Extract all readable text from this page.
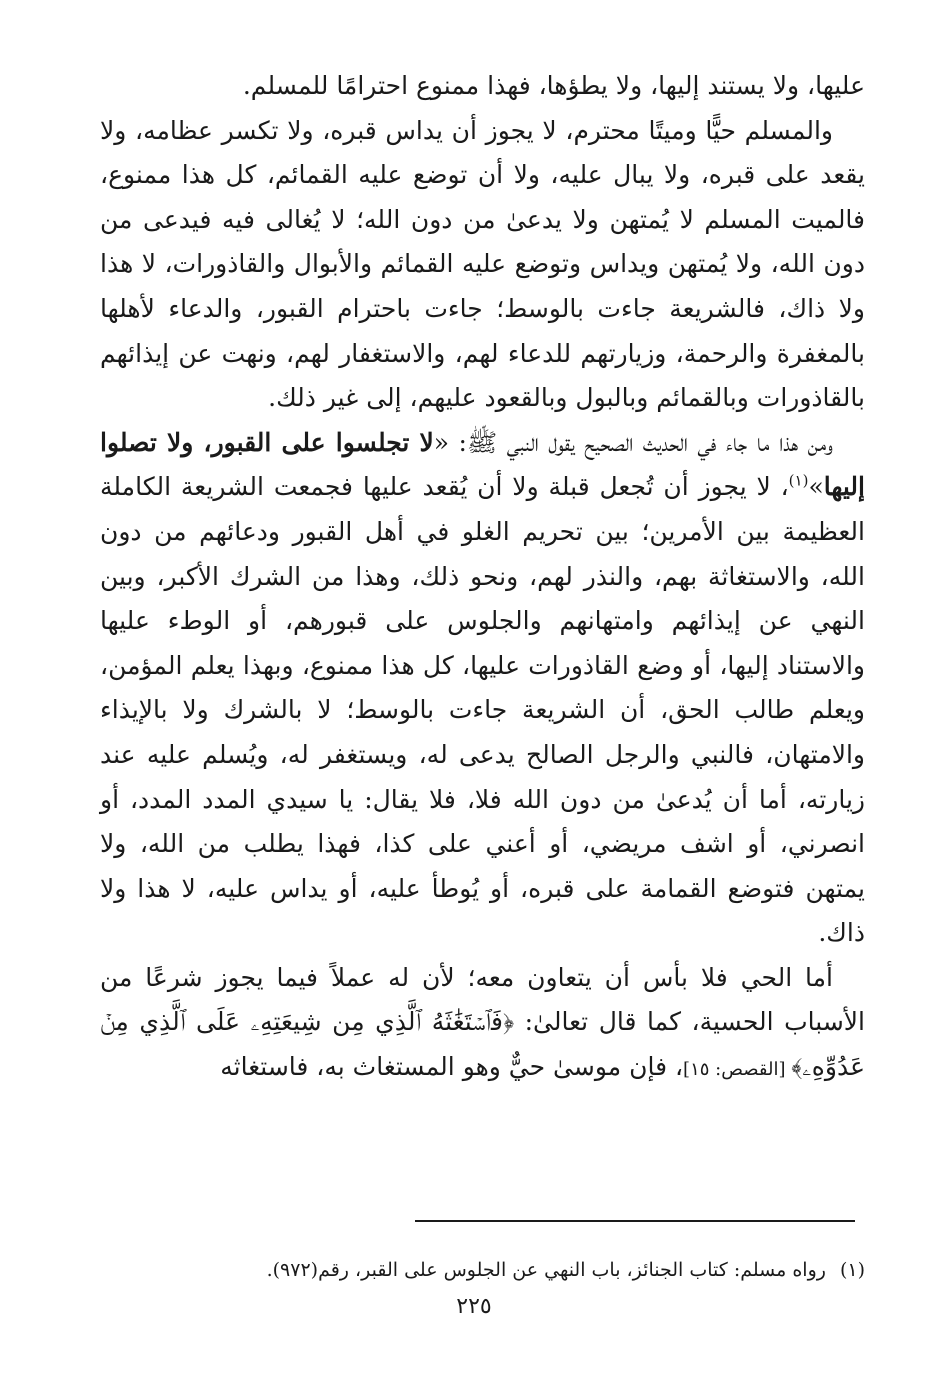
عليها، ولا يستند إليها، ولا يطؤها، فهذا ممنوع احترامًا للمسلم.

والمسلم حيًّا وميتًا محترم، لا يجوز أن يداس قبره، ولا تكسر عظامه، ولا يقعد على قبره، ولا يبال عليه، ولا أن توضع عليه القمائم، كل هذا ممنوع، فالميت المسلم لا يُمتهن ولا يدعىٰ من دون الله؛ لا يُغالى فيه فيدعى من دون الله، ولا يُمتهن ويداس وتوضع عليه القمائم والأبوال والقاذورات، لا هذا ولا ذاك، فالشريعة جاءت بالوسط؛ جاءت باحترام القبور، والدعاء لأهلها بالمغفرة والرحمة، وزيارتهم للدعاء لهم، والاستغفار لهم، ونهت عن إيذائهم بالقاذورات وبالقمائم وبالبول وبالقعود عليهم، إلى غير ذلك.

ومن هذا ما جاء في الحديث الصحيح يقول النبي ﷺ: «لا تجلسوا على القبور، ولا تصلوا إليها»$^{(١)}$، لا يجوز أن تُجعل قبلة ولا أن يُقعد عليها فجمعت الشريعة الكاملة العظيمة بين الأمرين؛ بين تحريم الغلو في أهل القبور ودعائهم من دون الله، والاستغاثة بهم، والنذر لهم، ونحو ذلك، وهذا من الشرك الأكبر، وبين النهي عن إيذائهم وامتهانهم والجلوس على قبورهم، أو الوطء عليها والاستناد إليها، أو وضع القاذورات عليها، كل هذا ممنوع، وبهذا يعلم المؤمن، ويعلم طالب الحق، أن الشريعة جاءت بالوسط؛ لا بالشرك ولا بالإيذاء والامتهان، فالنبي والرجل الصالح يدعى له، ويستغفر له، ويُسلم عليه عند زيارته، أما أن يُدعىٰ من دون الله فلا، فلا يقال: يا سيدي المدد المدد، أو انصرني، أو اشف مريضي، أو أعني على كذا، فهذا يطلب من الله، ولا يمتهن فتوضع القمامة على قبره، أو يُوطأ عليه، أو يداس عليه، لا هذا ولا ذاك.

أما الحي فلا بأس أن يتعاون معه؛ لأن له عملاً فيما يجوز شرعًا من الأسباب الحسية، كما قال تعالىٰ: ﴿فَٱسۡتَغَٰثَهُ ٱلَّذِي مِن شِيعَتِهِۦ عَلَى ٱلَّذِي مِنۡ عَدُوِّهِۦ﴾ [القصص: ١٥]، فإن موسىٰ حيٌّ وهو المستغاث به، فاستغاثه

(١)رواه مسلم: كتاب الجنائز، باب النهي عن الجلوس على القبر، رقم(٩٧٢).
٢٢٥
